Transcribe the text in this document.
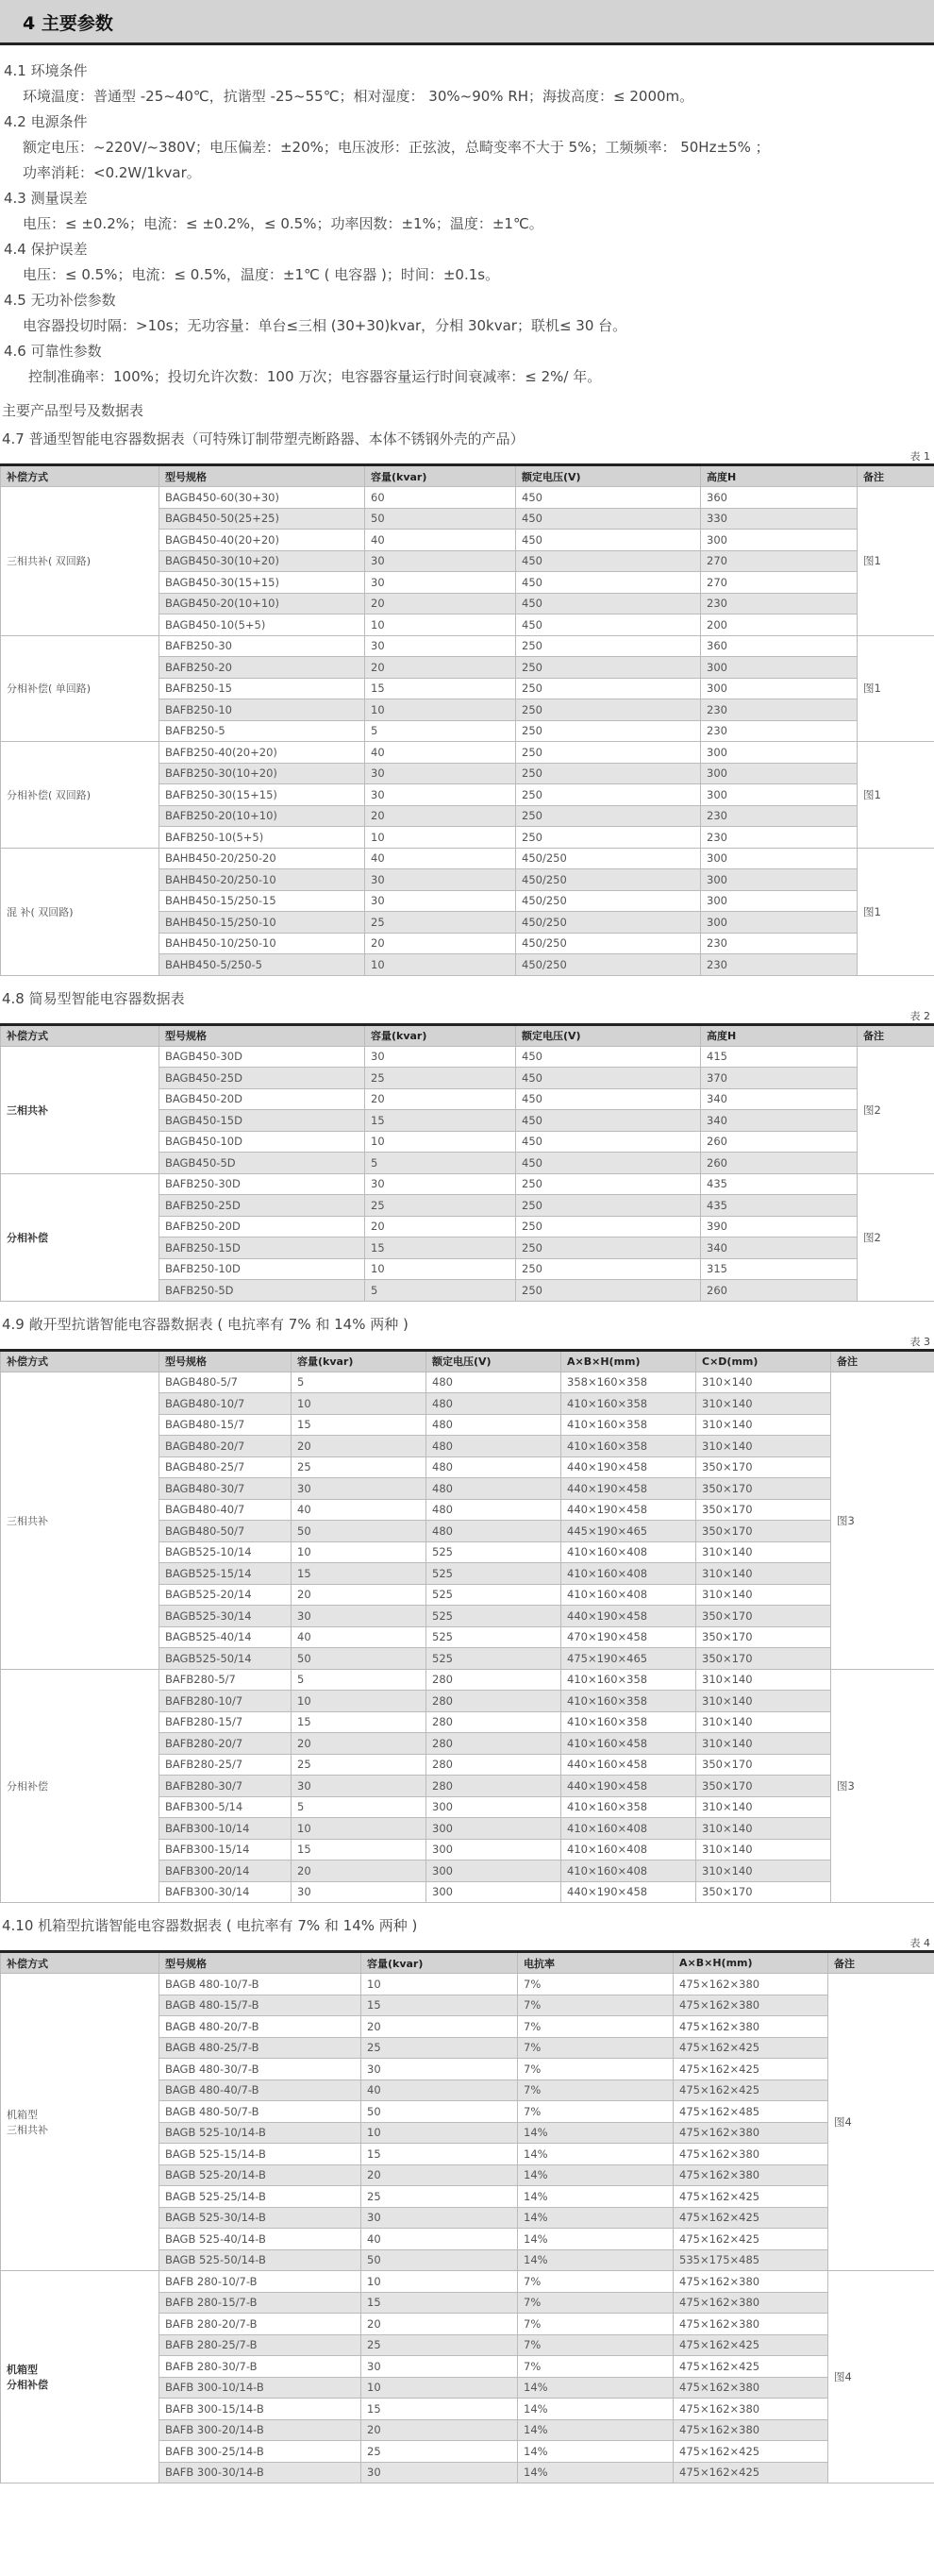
4 主要参数
4.1 环境条件
环境温度：普通型 -25~40℃，抗谐型 -25~55℃；相对湿度： 30%~90% RH；海拔高度：≤ 2000m。
4.2 电源条件
额定电压：~220V/~380V；电压偏差：±20%；电压波形：正弦波，总畸变率不大于 5%；工频频率： 50Hz±5% ；
功率消耗：<0.2W/1kvar。
4.3 测量误差
电压：≤ ±0.2%；电流：≤ ±0.2%，≤ 0.5%；功率因数：±1%；温度：±1℃。
4.4 保护误差
电压：≤ 0.5%；电流：≤ 0.5%，温度：±1℃ ( 电容器 )；时间：±0.1s。
4.5 无功补偿参数
电容器投切时隔：>10s；无功容量：单台≤三相 (30+30)kvar，分相 30kvar；联机≤ 30 台。
4.6 可靠性参数
控制准确率：100%；投切允许次数：100 万次；电容器容量运行时间衰减率：≤ 2%/ 年。
主要产品型号及数据表
4.7 普通型智能电容器数据表（可特殊订制带塑壳断路器、本体不锈钢外壳的产品）
表 1
补偿方式	型号规格	容量(kvar)	额定电压(V)	高度H	备注
三相共补( 双回路)	BAGB450-60(30+30)	60	450	360	图1
	BAGB450-50(25+25)	50	450	330	
	BAGB450-40(20+20)	40	450	300	
	BAGB450-30(10+20)	30	450	270	
	BAGB450-30(15+15)	30	450	270	
	BAGB450-20(10+10)	20	450	230	
	BAGB450-10(5+5)	10	450	200	
分相补偿( 单回路)	BAFB250-30	30	250	360	图1
	BAFB250-20	20	250	300	
	BAFB250-15	15	250	300	
	BAFB250-10	10	250	230	
	BAFB250-5	5	250	230	
分相补偿( 双回路)	BAFB250-40(20+20)	40	250	300	图1
	BAFB250-30(10+20)	30	250	300	
	BAFB250-30(15+15)	30	250	300	
	BAFB250-20(10+10)	20	250	230	
	BAFB250-10(5+5)	10	250	230	
混 补( 双回路)	BAHB450-20/250-20	40	450/250	300	图1
	BAHB450-20/250-10	30	450/250	300	
	BAHB450-15/250-15	30	450/250	300	
	BAHB450-15/250-10	25	450/250	300	
	BAHB450-10/250-10	20	450/250	230	
	BAHB450-5/250-5	10	450/250	230	
4.8 简易型智能电容器数据表
表 2
补偿方式	型号规格	容量(kvar)	额定电压(V)	高度H	备注
三相共补	BAGB450-30D	30	450	415	图2
	BAGB450-25D	25	450	370	
	BAGB450-20D	20	450	340	
	BAGB450-15D	15	450	340	
	BAGB450-10D	10	450	260	
	BAGB450-5D	5	450	260	
分相补偿	BAFB250-30D	30	250	435	图2
	BAFB250-25D	25	250	435	
	BAFB250-20D	20	250	390	
	BAFB250-15D	15	250	340	
	BAFB250-10D	10	250	315	
	BAFB250-5D	5	250	260	
4.9 敞开型抗谐智能电容器数据表 ( 电抗率有 7% 和 14% 两种 )
表 3
补偿方式	型号规格	容量(kvar)	额定电压(V)	A×B×H(mm)	C×D(mm)	备注
三相共补	BAGB480-5/7	5	480	358×160×358	310×140	图3
	BAGB480-10/7	10	480	410×160×358	310×140	
	BAGB480-15/7	15	480	410×160×358	310×140	
	BAGB480-20/7	20	480	410×160×358	310×140	
	BAGB480-25/7	25	480	440×190×458	350×170	
	BAGB480-30/7	30	480	440×190×458	350×170	
	BAGB480-40/7	40	480	440×190×458	350×170	
	BAGB480-50/7	50	480	445×190×465	350×170	
	BAGB525-10/14	10	525	410×160×408	310×140	
	BAGB525-15/14	15	525	410×160×408	310×140	
	BAGB525-20/14	20	525	410×160×408	310×140	
	BAGB525-30/14	30	525	440×190×458	350×170	
	BAGB525-40/14	40	525	470×190×458	350×170	
	BAGB525-50/14	50	525	475×190×465	350×170	
分相补偿	BAFB280-5/7	5	280	410×160×358	310×140	图3
	BAFB280-10/7	10	280	410×160×358	310×140	
	BAFB280-15/7	15	280	410×160×358	310×140	
	BAFB280-20/7	20	280	410×160×458	310×140	
	BAFB280-25/7	25	280	440×160×458	350×170	
	BAFB280-30/7	30	280	440×190×458	350×170	
	BAFB300-5/14	5	300	410×160×358	310×140	
	BAFB300-10/14	10	300	410×160×408	310×140	
	BAFB300-15/14	15	300	410×160×408	310×140	
	BAFB300-20/14	20	300	410×160×408	310×140	
	BAFB300-30/14	30	300	440×190×458	350×170	
4.10 机箱型抗谐智能电容器数据表 ( 电抗率有 7% 和 14% 两种 )
表 4
补偿方式	型号规格	容量(kvar)	电抗率	A×B×H(mm)	备注
机箱型
三相共补	BAGB 480-10/7-B	10	7%	475×162×380	图4
	BAGB 480-15/7-B	15	7%	475×162×380	
	BAGB 480-20/7-B	20	7%	475×162×380	
	BAGB 480-25/7-B	25	7%	475×162×425	
	BAGB 480-30/7-B	30	7%	475×162×425	
	BAGB 480-40/7-B	40	7%	475×162×425	
	BAGB 480-50/7-B	50	7%	475×162×485	
	BAGB 525-10/14-B	10	14%	475×162×380	
	BAGB 525-15/14-B	15	14%	475×162×380	
	BAGB 525-20/14-B	20	14%	475×162×380	
	BAGB 525-25/14-B	25	14%	475×162×425	
	BAGB 525-30/14-B	30	14%	475×162×425	
	BAGB 525-40/14-B	40	14%	475×162×425	
	BAGB 525-50/14-B	50	14%	535×175×485	
机箱型
分相补偿	BAFB 280-10/7-B	10	7%	475×162×380	图4
	BAFB 280-15/7-B	15	7%	475×162×380	
	BAFB 280-20/7-B	20	7%	475×162×380	
	BAFB 280-25/7-B	25	7%	475×162×425	
	BAFB 280-30/7-B	30	7%	475×162×425	
	BAFB 300-10/14-B	10	14%	475×162×380	
	BAFB 300-15/14-B	15	14%	475×162×380	
	BAFB 300-20/14-B	20	14%	475×162×380	
	BAFB 300-25/14-B	25	14%	475×162×425	
	BAFB 300-30/14-B	30	14%	475×162×425	
